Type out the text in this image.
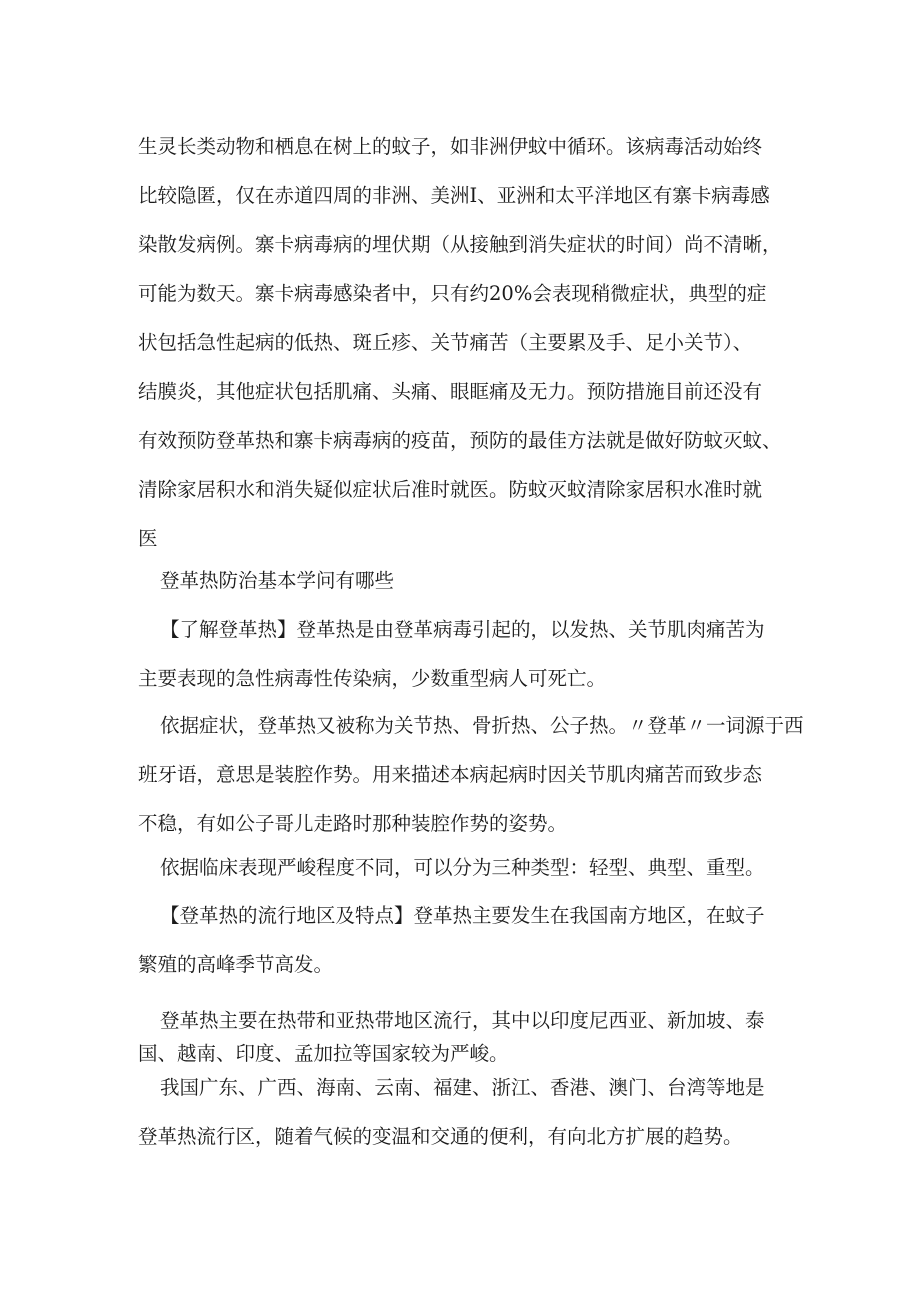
生灵长类动物和栖息在树上的蚊子，如非洲伊蚊中循环。该病毒活动始终
比较隐匿，仅在赤道四周的非洲、美洲I、亚洲和太平洋地区有寨卡病毒感
染散发病例。寨卡病毒病的埋伏期（从接触到消失症状的时间）尚不清晰，
可能为数天。寨卡病毒感染者中，只有约20%会表现稍微症状，典型的症
状包括急性起病的低热、斑丘疹、关节痛苦（主要累及手、足小关节）、
结膜炎，其他症状包括肌痛、头痛、眼眶痛及无力。预防措施目前还没有
有效预防登革热和寨卡病毒病的疫苗，预防的最佳方法就是做好防蚊灭蚊、
清除家居积水和消失疑似症状后准时就医。防蚊灭蚊清除家居积水准时就
医
登革热防治基本学问有哪些
【了解登革热】登革热是由登革病毒引起的，以发热、关节肌肉痛苦为
主要表现的急性病毒性传染病，少数重型病人可死亡。
依据症状，登革热又被称为关节热、骨折热、公子热。〃登革〃一词源于西
班牙语，意思是装腔作势。用来描述本病起病时因关节肌肉痛苦而致步态
不稳，有如公子哥儿走路时那种装腔作势的姿势。
依据临床表现严峻程度不同，可以分为三种类型：轻型、典型、重型。
【登革热的流行地区及特点】登革热主要发生在我国南方地区，在蚊子
繁殖的高峰季节高发。
登革热主要在热带和亚热带地区流行，其中以印度尼西亚、新加坡、泰
国、越南、印度、孟加拉等国家较为严峻。
我国广东、广西、海南、云南、福建、浙江、香港、澳门、台湾等地是
登革热流行区，随着气候的变温和交通的便利，有向北方扩展的趋势。
